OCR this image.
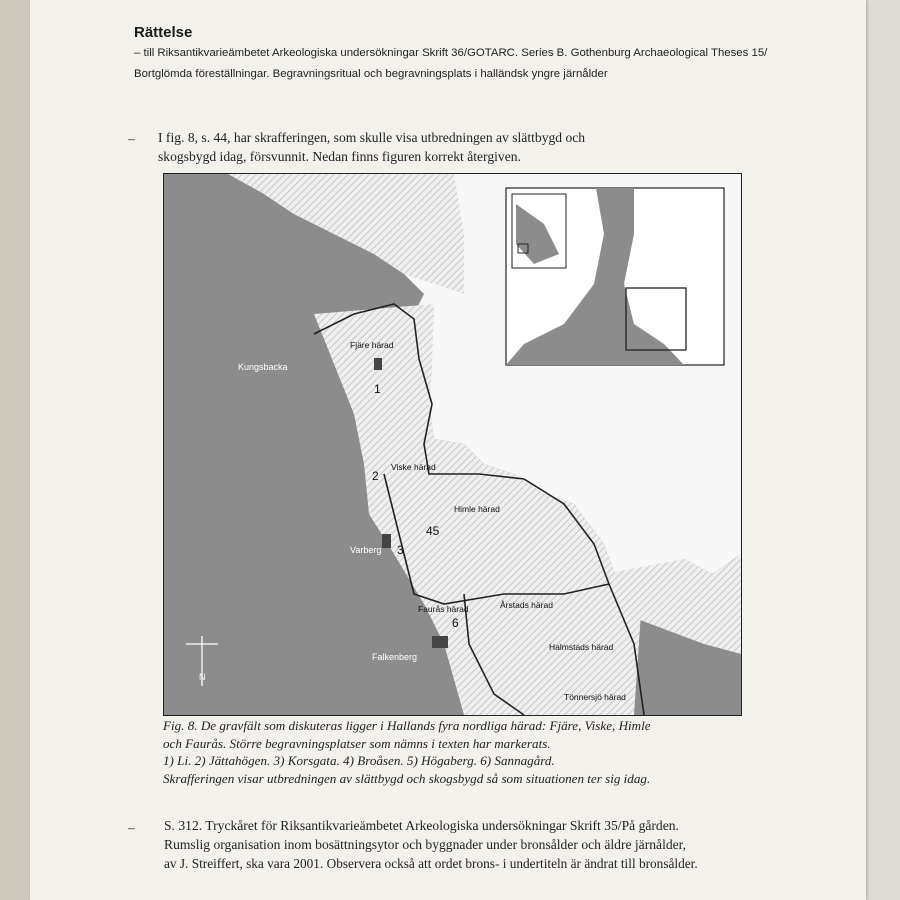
Rättelse
– till Riksantikvarieämbetet Arkeologiska undersökningar Skrift 36/GOTARC. Series B. Gothenburg Archaeological Theses 15/
Bortglömda föreställningar. Begravningsritual och begravningsplats i halländsk yngre järnålder
– I fig. 8, s. 44, har skrafferingen, som skulle visa utbredningen av slättbygd och
skogsbygd idag, försvunnit. Nedan finns figuren korrekt återgiven.
N
Kungsbacka
Varberg
Falkenberg
Fjäre härad
Viske härad
Himle härad
Faurås härad	Årstads härad
Halmstads härad
Tönnersjö härad
1
2
3
45
6
Fig. 8. De gravfält som diskuteras ligger i Hallands fyra nordliga härad: Fjäre, Viske, Himle
och Faurås. Större begravningsplatser som nämns i texten har markerats.
1) Li. 2) Jättahögen. 3) Korsgata. 4) Broåsen. 5) Högaberg. 6) Sannagård.
Skrafferingen visar utbredningen av slättbygd och skogsbygd så som situationen ter sig idag.
– S. 312. Tryckåret för Riksantikvarieämbetet Arkeologiska undersökningar Skrift 35/På gården.
Rumslig organisation inom bosättningsytor och byggnader under bronsålder och äldre järnålder,
av J. Streiffert, ska vara 2001. Observera också att ordet brons- i undertiteln är ändrat till bronsålder.
